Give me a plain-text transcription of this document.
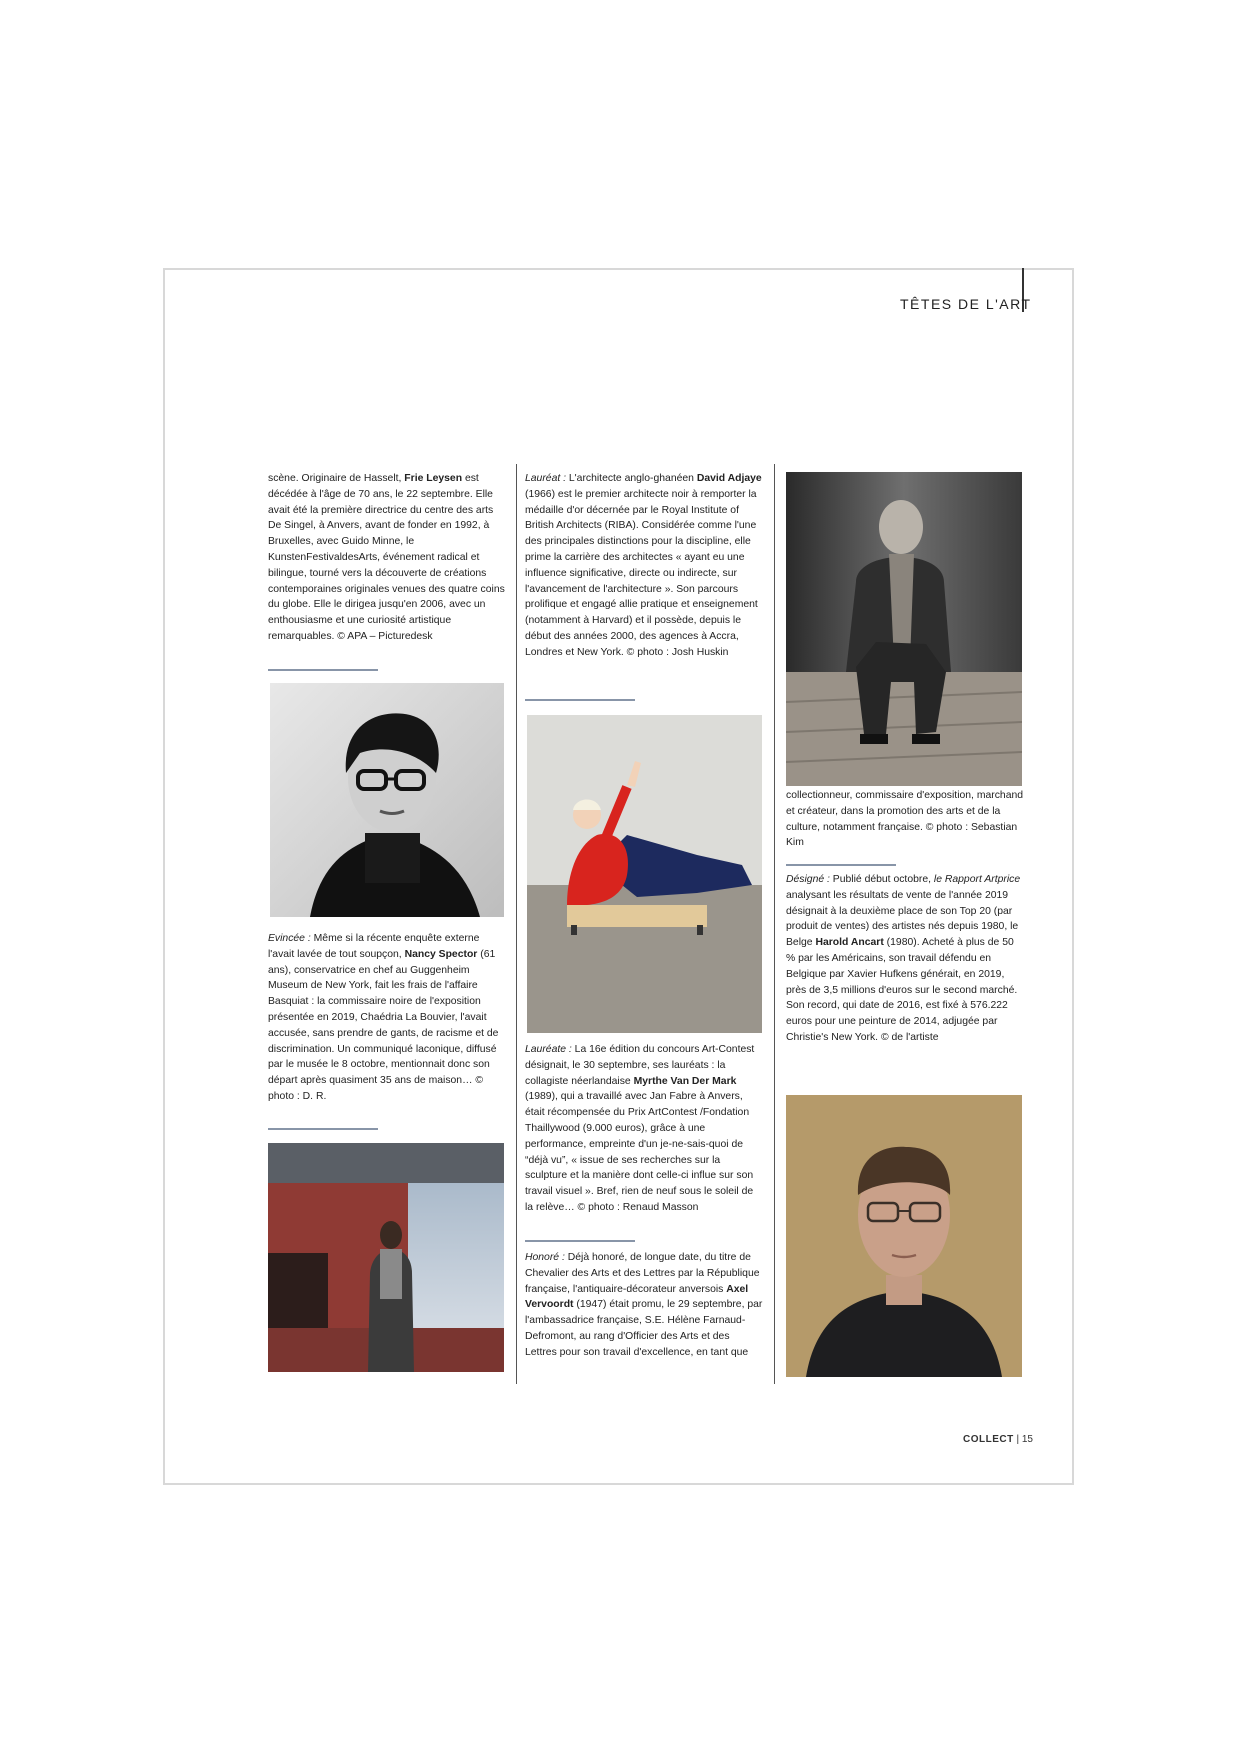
TÊTES DE L'ART

scène. Originaire de Hasselt, Frie Leysen est décédée à l'âge de 70 ans, le 22 septembre. Elle avait été la première directrice du centre des arts De Singel, à Anvers, avant de fonder en 1992, à Bruxelles, avec Guido Minne, le KunstenFestivaldesArts, événement radical et bilingue, tourné vers la découverte de créations contemporaines originales venues des quatre coins du globe. Elle le dirigea jusqu'en 2006, avec un enthousiasme et une curiosité artistique remarquables. © APA – Picturedesk

Evincée : Même si la récente enquête externe l'avait lavée de tout soupçon, Nancy Spector (61 ans), conservatrice en chef au Guggenheim Museum de New York, fait les frais de l'affaire Basquiat : la commissaire noire de l'exposition présentée en 2019, Chaédria La Bouvier, l'avait accusée, sans prendre de gants, de racisme et de discrimination. Un communiqué laconique, diffusé par le musée le 8 octobre, mentionnait donc son départ après quasiment 35 ans de maison… © photo : D. R.

Lauréat : L'architecte anglo-ghanéen David Adjaye (1966) est le premier architecte noir à remporter la médaille d'or décernée par le Royal Institute of British Architects (RIBA). Considérée comme l'une des principales distinctions pour la discipline, elle prime la carrière des architectes « ayant eu une influence significative, directe ou indirecte, sur l'avancement de l'architecture ». Son parcours prolifique et engagé allie pratique et enseignement (notamment à Harvard) et il possède, depuis le début des années 2000, des agences à Accra, Londres et New York. © photo : Josh Huskin

Lauréate : La 16e édition du concours Art-Contest désignait, le 30 septembre, ses lauréats : la collagiste néerlandaise Myrthe Van Der Mark (1989), qui a travaillé avec Jan Fabre à Anvers, était récompensée du Prix ArtContest /Fondation Thaillywood (9.000 euros), grâce à une performance, empreinte d'un je-ne-sais-quoi de “déjà vu”, « issue de ses recherches sur la sculpture et la manière dont celle-ci influe sur son travail visuel ». Bref, rien de neuf sous le soleil de la relève… © photo : Renaud Masson

Honoré : Déjà honoré, de longue date, du titre de Chevalier des Arts et des Lettres par la République française, l'antiquaire-décorateur anversois Axel Vervoordt (1947) était promu, le 29 septembre, par l'ambassadrice française, S.E. Hélène Farnaud-Defromont, au rang d'Officier des Arts et des Lettres pour son travail d'excellence, en tant que

collectionneur, commissaire d'exposition, marchand et créateur, dans la promotion des arts et de la culture, notamment française. © photo : Sebastian Kim

Désigné : Publié début octobre, le Rapport Artprice analysant les résultats de vente de l'année 2019 désignait à la deuxième place de son Top 20 (par produit de ventes) des artistes nés depuis 1980, le Belge Harold Ancart (1980). Acheté à plus de 50 % par les Américains, son travail défendu en Belgique par Xavier Hufkens générait, en 2019, près de 3,5 millions d'euros sur le second marché. Son record, qui date de 2016, est fixé à 576.222 euros pour une peinture de 2014, adjugée par Christie's New York. © de l'artiste

COLLECT | 15
